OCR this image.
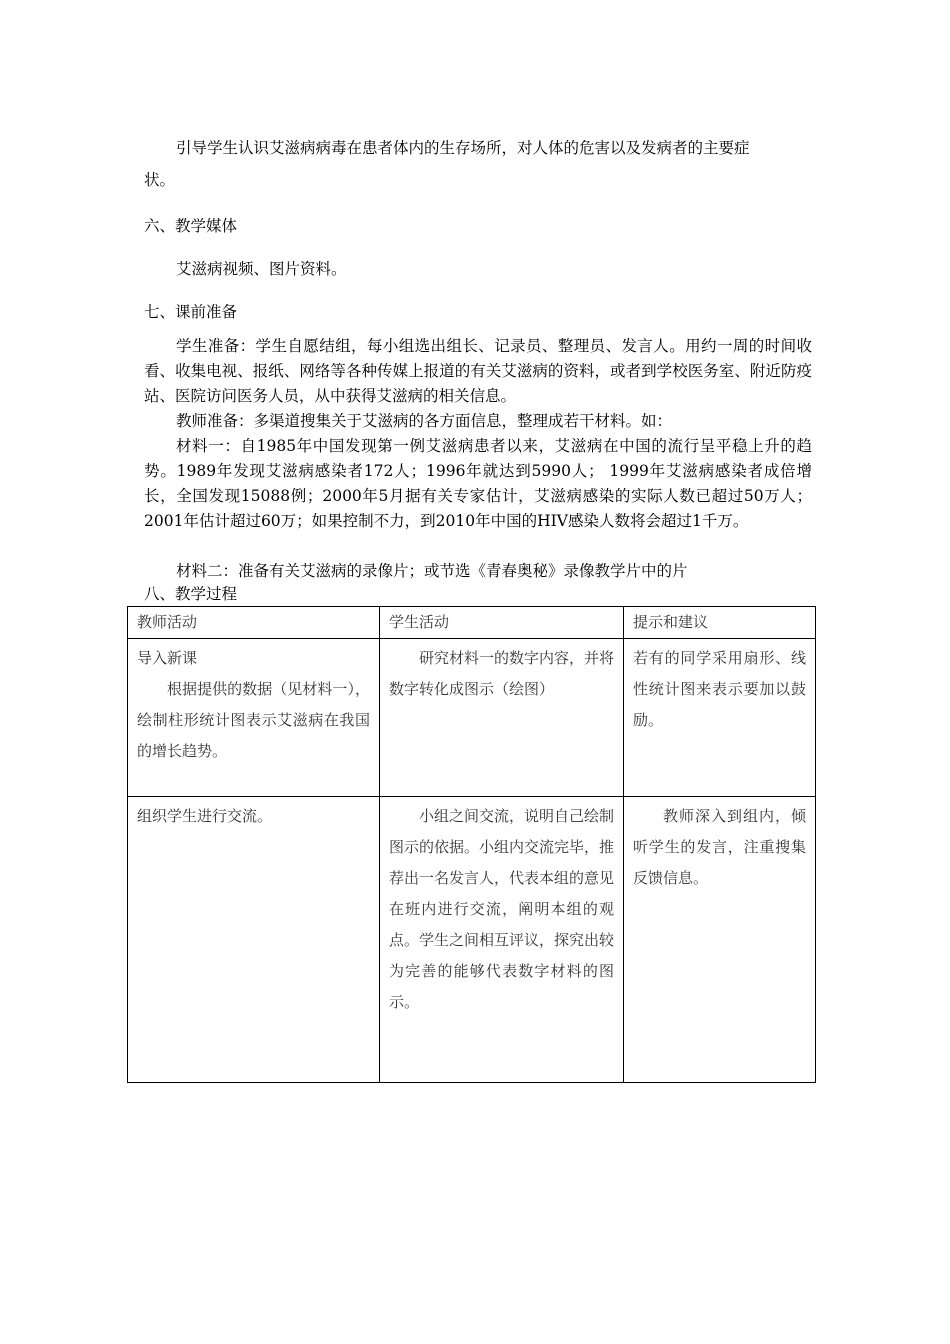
引导学生认识艾滋病病毒在患者体内的生存场所，对人体的危害以及发病者的主要症

状。

六、教学媒体

艾滋病视频、图片资料。

七、课前准备

学生准备：学生自愿结组，每小组选出组长、记录员、整理员、发言人。用约一周的时间收看、收集电视、报纸、网络等各种传媒上报道的有关艾滋病的资料，或者到学校医务室、附近防疫站、医院访问医务人员，从中获得艾滋病的相关信息。

教师准备：多渠道搜集关于艾滋病的各方面信息，整理成若干材料。如：

材料一：自1985年中国发现第一例艾滋病患者以来，艾滋病在中国的流行呈平稳上升的趋势。1989年发现艾滋病感染者172人；1996年就达到5990人； 1999年艾滋病感染者成倍增长，全国发现15088例；2000年5月据有关专家估计，艾滋病感染的实际人数已超过50万人；2001年估计超过60万；如果控制不力，到2010年中国的HIV感染人数将会超过1千万。

材料二：准备有关艾滋病的录像片；或节选《青春奥秘》录像教学片中的片

八、教学过程

教师活动	学生活动	提示和建议

导入新课
根据提供的数据（见材料一），绘制柱形统计图表示艾滋病在我国的增长趋势。	研究材料一的数字内容，并将数字转化成图示（绘图）	若有的同学采用扇形、线性统计图来表示要加以鼓励。

组织学生进行交流。	小组之间交流，说明自己绘制图示的依据。小组内交流完毕，推荐出一名发言人，代表本组的意见在班内进行交流，阐明本组的观点。学生之间相互评议，探究出较为完善的能够代表数字材料的图示。	教师深入到组内，倾听学生的发言，注重搜集反馈信息。
